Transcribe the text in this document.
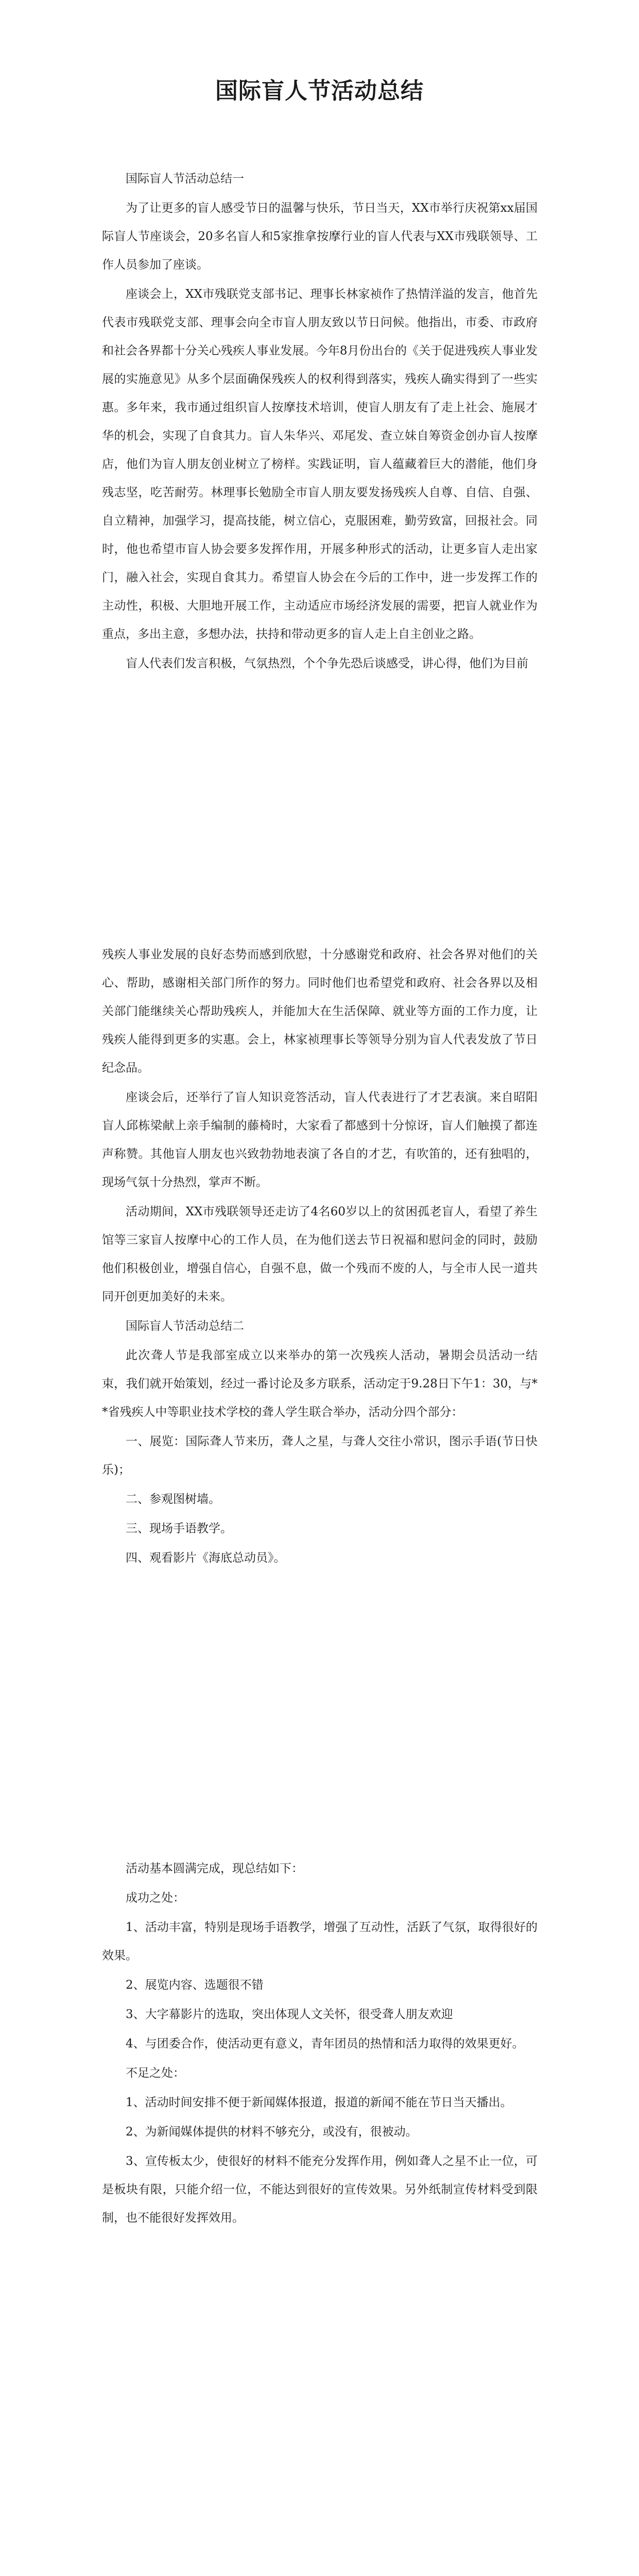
国际盲人节活动总结

国际盲人节活动总结一

为了让更多的盲人感受节日的温馨与快乐，节日当天，XX市举行庆祝第xx届国际盲人节座谈会，20多名盲人和5家推拿按摩行业的盲人代表与XX市残联领导、工作人员参加了座谈。

座谈会上，XX市残联党支部书记、理事长林家祯作了热情洋溢的发言，他首先代表市残联党支部、理事会向全市盲人朋友致以节日问候。他指出，市委、市政府和社会各界都十分关心残疾人事业发展。今年8月份出台的《关于促进残疾人事业发展的实施意见》从多个层面确保残疾人的权利得到落实，残疾人确实得到了一些实惠。多年来，我市通过组织盲人按摩技术培训，使盲人朋友有了走上社会、施展才华的机会，实现了自食其力。盲人朱华兴、邓尾发、查立妹自筹资金创办盲人按摩店，他们为盲人朋友创业树立了榜样。实践证明，盲人蕴藏着巨大的潜能，他们身残志坚，吃苦耐劳。林理事长勉励全市盲人朋友要发扬残疾人自尊、自信、自强、自立精神，加强学习，提高技能，树立信心，克服困难，勤劳致富，回报社会。同时，他也希望市盲人协会要多发挥作用，开展多种形式的活动，让更多盲人走出家门，融入社会，实现自食其力。希望盲人协会在今后的工作中，进一步发挥工作的主动性，积极、大胆地开展工作，主动适应市场经济发展的需要，把盲人就业作为重点，多出主意，多想办法，扶持和带动更多的盲人走上自主创业之路。

盲人代表们发言积极，气氛热烈，个个争先恐后谈感受，讲心得，他们为目前

残疾人事业发展的良好态势而感到欣慰，十分感谢党和政府、社会各界对他们的关心、帮助，感谢相关部门所作的努力。同时他们也希望党和政府、社会各界以及相关部门能继续关心帮助残疾人，并能加大在生活保障、就业等方面的工作力度，让残疾人能得到更多的实惠。会上，林家祯理事长等领导分别为盲人代表发放了节日纪念品。

座谈会后，还举行了盲人知识竞答活动，盲人代表进行了才艺表演。来自昭阳盲人邱栋梁献上亲手编制的藤椅时，大家看了都感到十分惊讶，盲人们触摸了都连声称赞。其他盲人朋友也兴致勃勃地表演了各自的才艺，有吹笛的，还有独唱的，现场气氛十分热烈，掌声不断。

活动期间，XX市残联领导还走访了4名60岁以上的贫困孤老盲人，看望了养生馆等三家盲人按摩中心的工作人员，在为他们送去节日祝福和慰问金的同时，鼓励他们积极创业，增强自信心，自强不息，做一个残而不废的人，与全市人民一道共同开创更加美好的未来。

国际盲人节活动总结二

此次聋人节是我部室成立以来举办的第一次残疾人活动，暑期会员活动一结束，我们就开始策划，经过一番讨论及多方联系，活动定于9.28日下午1：30，与**省残疾人中等职业技术学校的聋人学生联合举办，活动分四个部分：

一、展览：国际聋人节来历，聋人之星，与聋人交往小常识，图示手语(节日快乐)；

二、参观图树墙。

三、现场手语教学。

四、观看影片《海底总动员》。

活动基本圆满完成，现总结如下：

成功之处：

1、活动丰富，特别是现场手语教学，增强了互动性，活跃了气氛，取得很好的效果。

2、展览内容、选题很不错

3、大字幕影片的选取，突出体现人文关怀，很受聋人朋友欢迎

4、与团委合作，使活动更有意义，青年团员的热情和活力取得的效果更好。

不足之处：

1、活动时间安排不便于新闻媒体报道，报道的新闻不能在节日当天播出。

2、为新闻媒体提供的材料不够充分，或没有，很被动。

3、宣传板太少，使很好的材料不能充分发挥作用，例如聋人之星不止一位，可是板块有限，只能介绍一位，不能达到很好的宣传效果。另外纸制宣传材料受到限制，也不能很好发挥效用。
